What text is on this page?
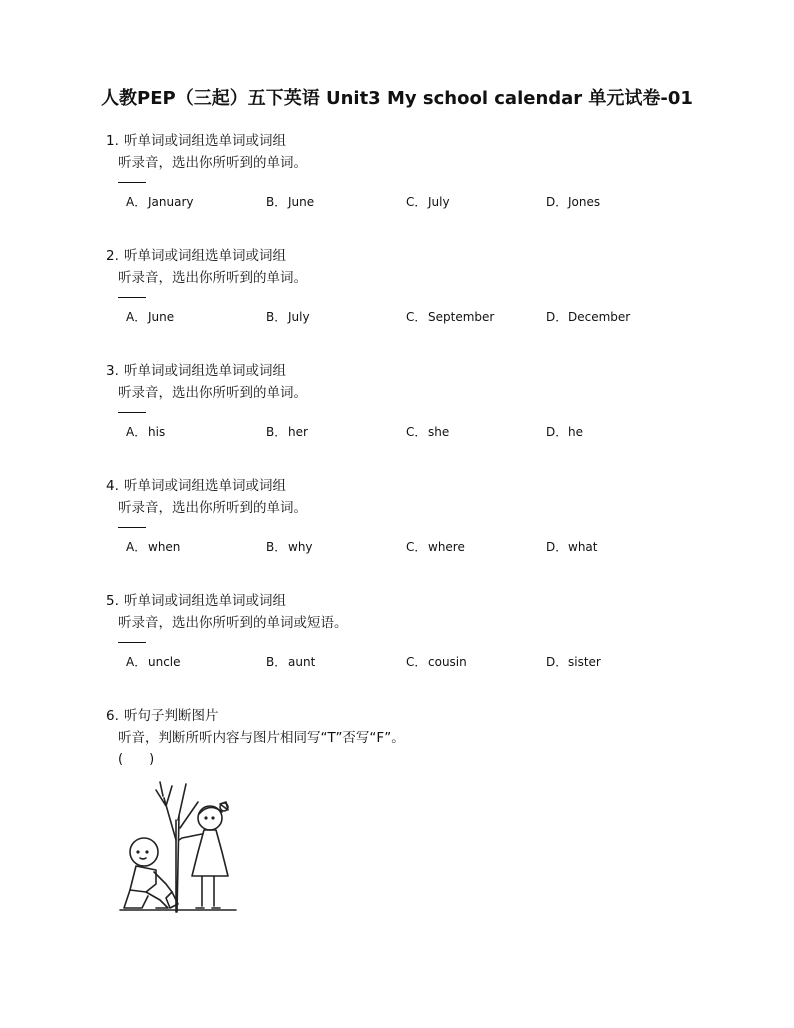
人教PEP（三起）五下英语 Unit3 My school calendar 单元试卷-01
1. 听单词或词组选单词或词组
听录音，选出你所听到的单词。
A． January	B． June	C． July	D．Jones
2. 听单词或词组选单词或词组
听录音，选出你所听到的单词。
A． June	B． July	C． September	D．December
3. 听单词或词组选单词或词组
听录音，选出你所听到的单词。
A． his	B． her	C． she	D．he
4. 听单词或词组选单词或词组
听录音，选出你所听到的单词。
A． when	B． why	C． where	D．what
5. 听单词或词组选单词或词组
听录音，选出你所听到的单词或短语。
A． uncle	B． aunt	C． cousin	D．sister
6. 听句子判断图片
听音，判断所听内容与图片相同写“T”否写“F”。
(　　)
